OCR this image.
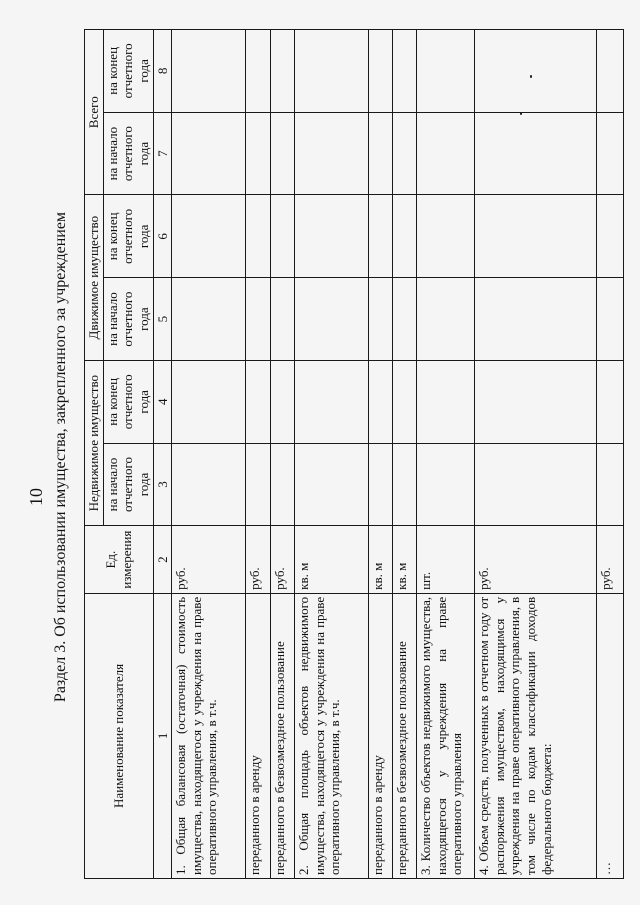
10 Раздел 3. Об использовании имущества, закрепленного за учреждением
Наименование показателя	Ед. измерения	Недвижимое имущество		Движимое имущество		Всего	
		на начало отчетного года	на конец отчетного года	на начало отчетного года	на конец отчетного года	на начало отчетного года	на конец отчетного года
1	2	3	4	5	6	7	8
1. Общая балансовая (остаточная) стоимость имущества, находящегося у учреждения на праве оперативного управления, в т.ч.	руб.						
переданного в аренду	руб.						
переданного в безвозмездное пользование	руб.						
2. Общая площадь объектов недвижимого имущества, находящегося у учреждения на праве оперативного управления, в т.ч.	кв. м						
переданного в аренду	кв. м						
переданного в безвозмездное пользование	кв. м						
3. Количество объектов недвижимого имущества, находящегося у учреждения на праве оперативного управления	шт.						
4. Объем средств, полученных в отчетном году от распоряжения имуществом, находящимся у учреждения на праве оперативного управления, в том числе по кодам классификации доходов федерального бюджета:	руб.						
…	руб.						
